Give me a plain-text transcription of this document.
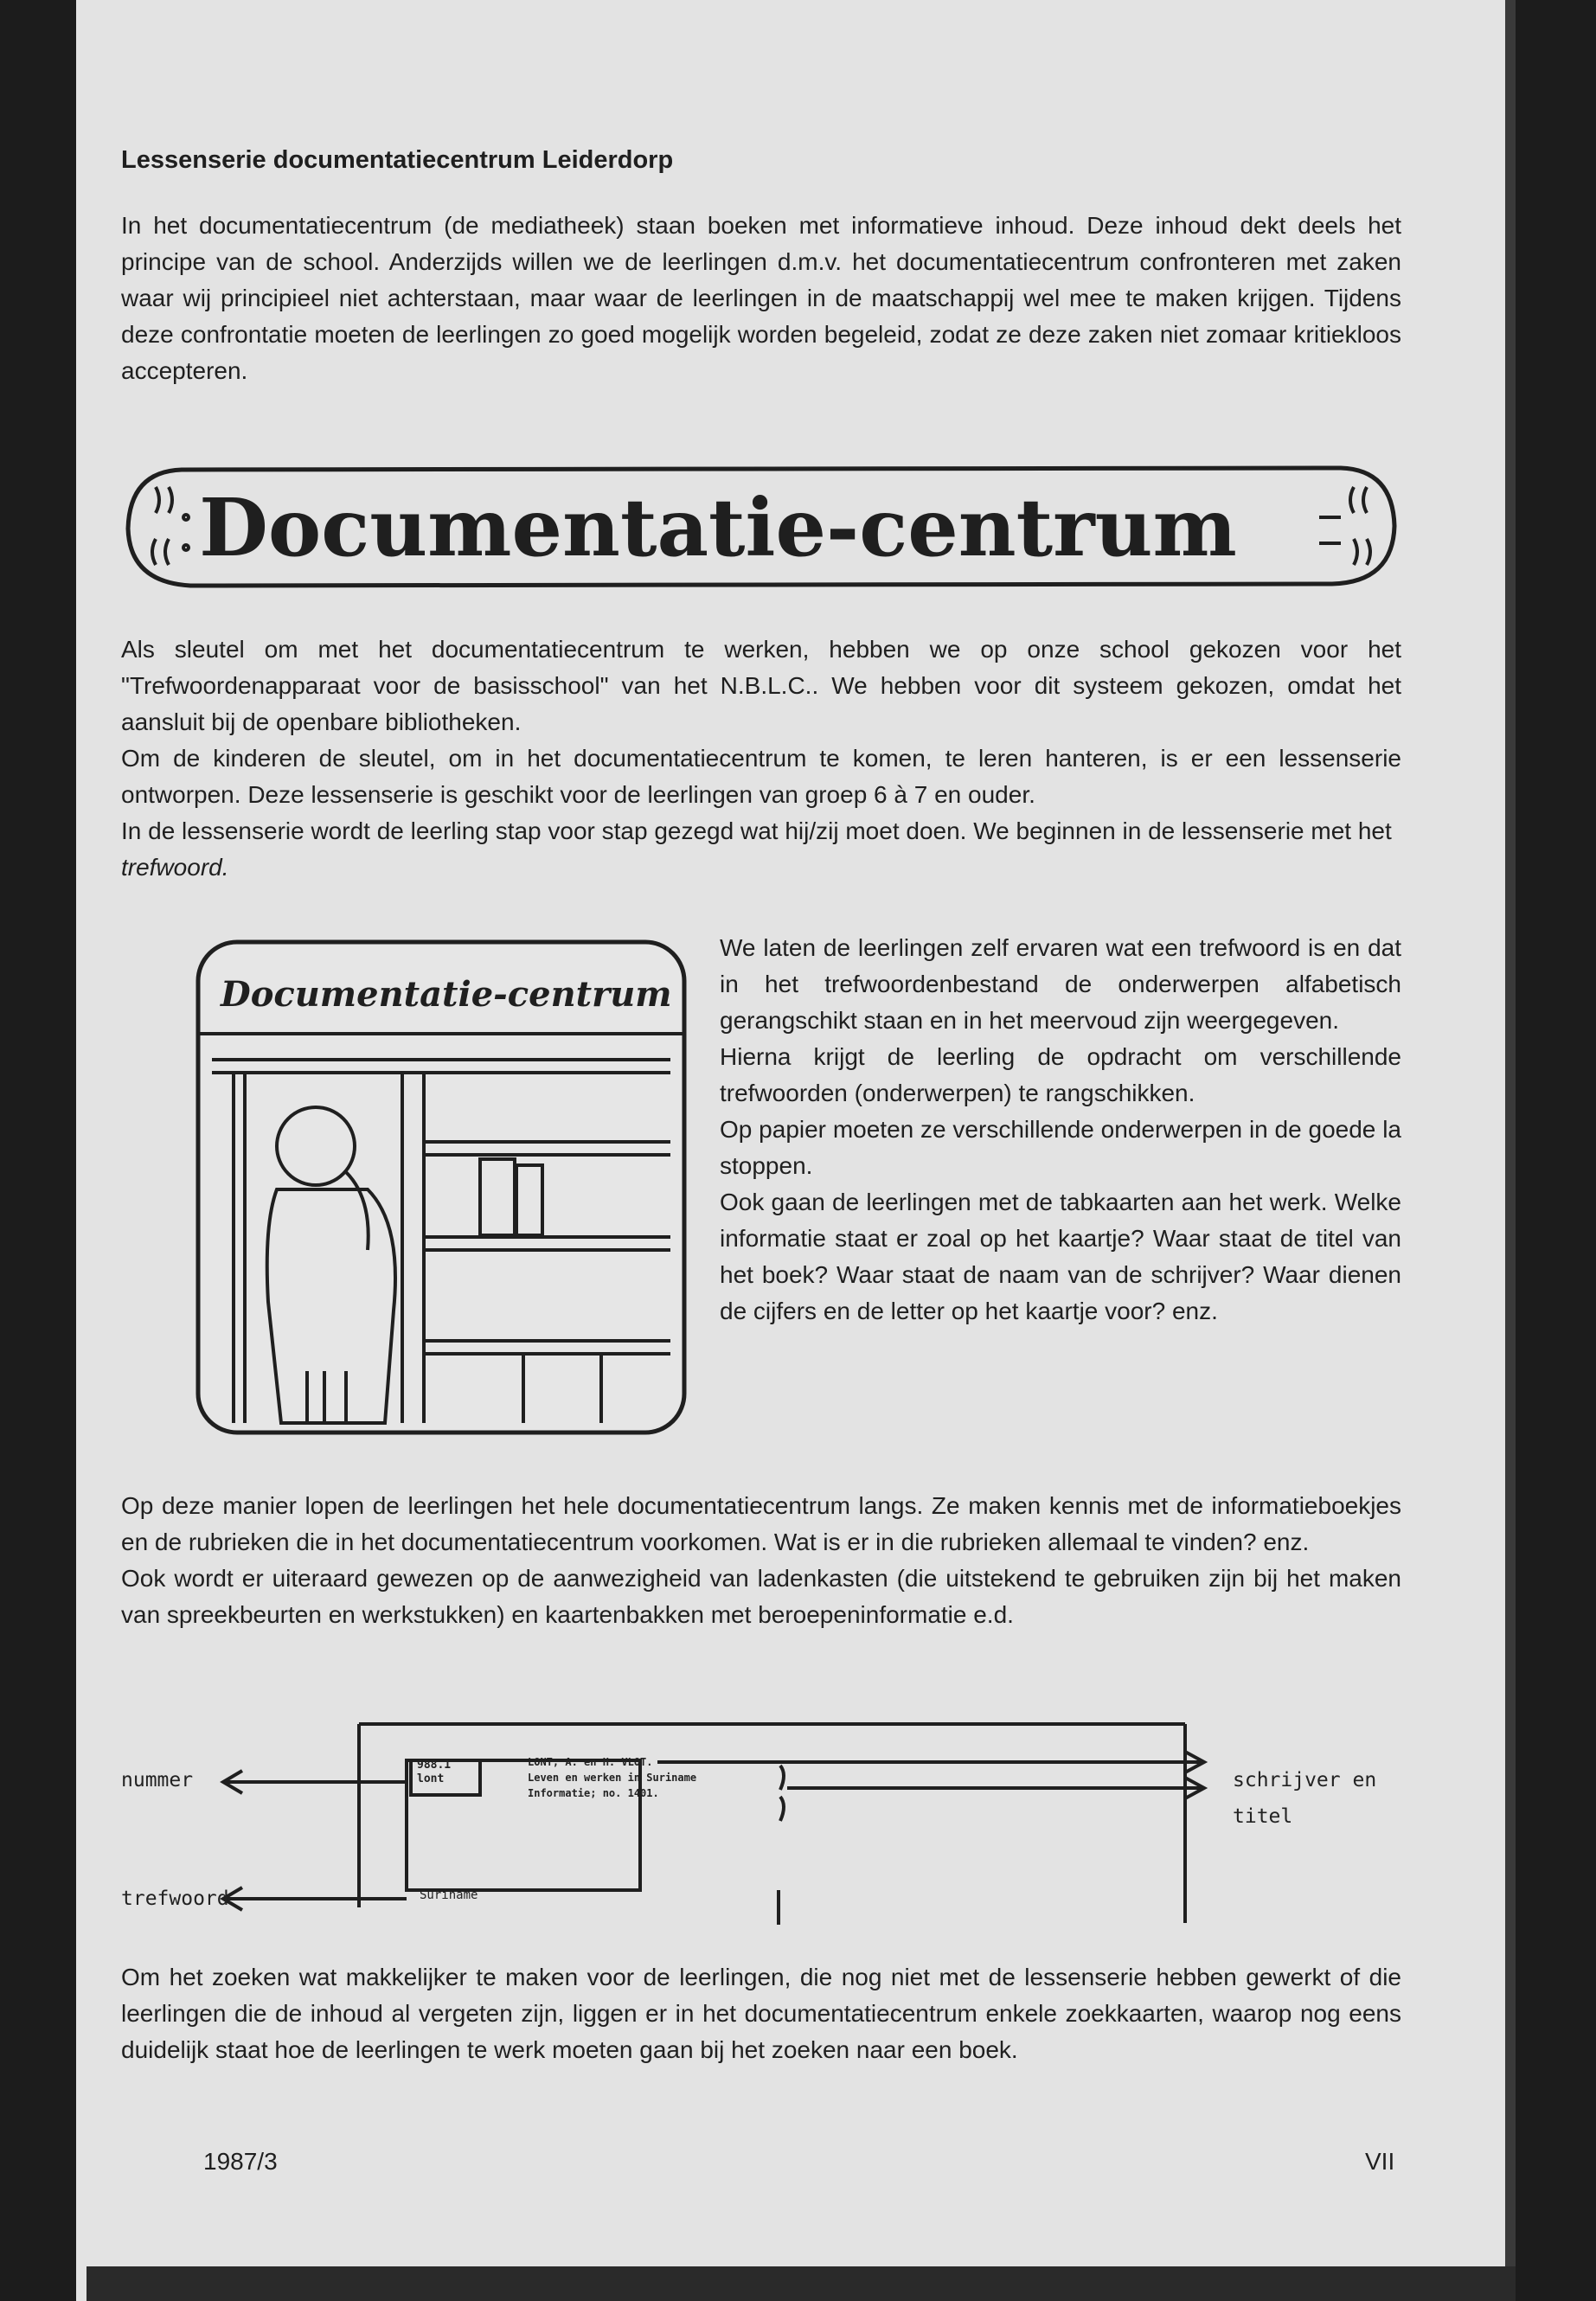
Lessenserie documentatiecentrum Leiderdorp

In het documentatiecentrum (de mediatheek) staan boeken met informatieve inhoud. Deze inhoud dekt deels het principe van de school. Anderzijds willen we de leerlingen d.m.v. het documentatiecentrum confronteren met zaken waar wij principieel niet achterstaan, maar waar de leerlingen in de maatschappij wel mee te maken krijgen. Tijdens deze confrontatie moeten de leerlingen zo goed mogelijk worden begeleid, zodat ze deze zaken niet zomaar kritiekloos accepteren.

Documentatie-centrum

Als sleutel om met het documentatiecentrum te werken, hebben we op onze school gekozen voor het "Trefwoordenapparaat voor de basisschool" van het N.B.L.C.. We hebben voor dit systeem gekozen, omdat het aansluit bij de openbare bibliotheken.

Om de kinderen de sleutel, om in het documentatiecentrum te komen, te leren hanteren, is er een lessenserie ontworpen. Deze lessenserie is geschikt voor de leerlingen van groep 6 à 7 en ouder.

In de lessenserie wordt de leerling stap voor stap gezegd wat hij/zij moet doen. We beginnen in de lessenserie met het trefwoord.

Documentatie-centrum

We laten de leerlingen zelf ervaren wat een trefwoord is en dat in het trefwoordenbestand de onderwerpen alfabetisch gerangschikt staan en in het meervoud zijn weergegeven.

Hierna krijgt de leerling de opdracht om verschillende trefwoorden (onderwerpen) te rangschikken.

Op papier moeten ze verschillende onderwerpen in de goede la stoppen.

Ook gaan de leerlingen met de tabkaarten aan het werk. Welke informatie staat er zoal op het kaartje? Waar staat de titel van het boek? Waar staat de naam van de schrijver? Waar dienen de cijfers en de letter op het kaartje voor? enz.

Op deze manier lopen de leerlingen het hele documentatiecentrum langs. Ze maken kennis met de informatieboekjes en de rubrieken die in het documentatiecentrum voorkomen. Wat is er in die rubrieken allemaal te vinden? enz.

Ook wordt er uiteraard gewezen op de aanwezigheid van ladenkasten (die uitstekend te gebruiken zijn bij het maken van spreekbeurten en werkstukken) en kaartenbakken met beroepeninformatie e.d.

nummer

trefwoord

schrijver en

titel

988.1

lont

LONT, A. en H. VLOT.

Leven en werken in Suriname

Informatie; no. 1401.

Suriname

Om het zoeken wat makkelijker te maken voor de leerlingen, die nog niet met de lessenserie hebben gewerkt of die leerlingen die de inhoud al vergeten zijn, liggen er in het documentatiecentrum enkele zoekkaarten, waarop nog eens duidelijk staat hoe de leerlingen te werk moeten gaan bij het zoeken naar een boek.

1987/3	VII
